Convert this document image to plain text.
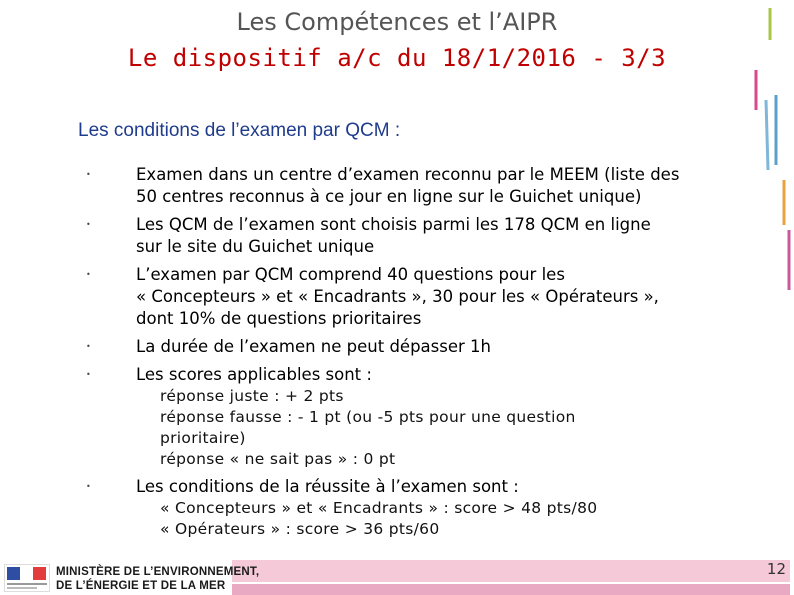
Les Compétences et l’AIPR
Le dispositif a/c du 18/1/2016 - 3/3
Les conditions de l’examen par QCM :
•	Examen dans un centre d’examen reconnu par le MEEM (liste des
50 centres reconnus à ce jour en ligne sur le Guichet unique)
•	Les QCM de l’examen sont choisis parmi les 178 QCM en ligne
sur le site du Guichet unique
•	L’examen par QCM comprend 40 questions pour les
« Concepteurs » et « Encadrants », 30 pour les « Opérateurs »,
dont 10% de questions prioritaires
•	La durée de l’examen ne peut dépasser 1h
•	Les scores applicables sont :
réponse juste : + 2 pts
réponse fausse : - 1 pt (ou -5 pts pour une question
prioritaire)
réponse « ne sait pas » : 0 pt
•	Les conditions de la réussite à l’examen sont :
« Concepteurs » et « Encadrants » : score > 48 pts/80
« Opérateurs » : score > 36 pts/60
MINISTÈRE DE L’ENVIRONNEMENT,
DE L’ÉNERGIE ET DE LA MER
12
